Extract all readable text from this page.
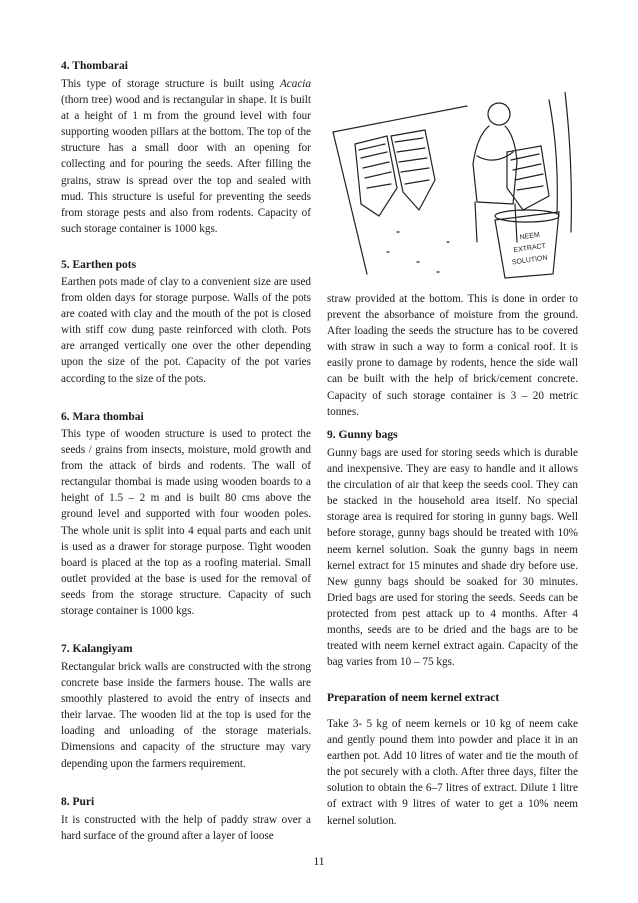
4. Thombarai

This type of storage structure is built using Acacia (thorn tree) wood and is rectangular in shape. It is built at a height of 1 m from the ground level with four supporting wooden pillars at the bottom. The top of the structure has a small door with an opening for collecting and for pouring the seeds. After filling the grains, straw is spread over the top and sealed with mud. This structure is useful for preventing the seeds from storage pests and also from rodents. Capacity of such storage container is 1000 kgs.

5. Earthen pots

Earthen pots made of clay to a convenient size are used from olden days for storage purpose. Walls of the pots are coated with clay and the mouth of the pot is closed with stiff cow dung paste reinforced with cloth. Pots are arranged vertically one over the other depending upon the size of the pot. Capacity of the pot varies according to the size of the pots.

6. Mara thombai

This type of wooden structure is used to protect the seeds / grains from insects, moisture, mold growth and from the attack of birds and rodents. The wall of rectangular thombai is made using wooden boards to a height of 1.5 – 2 m and is built 80 cms above the ground level and supported with four wooden poles. The whole unit is split into 4 equal parts and each unit is used as a drawer for storage purpose. Tight wooden board is placed at the top as a roofing material. Small outlet provided at the base is used for the removal of seeds from the storage structure. Capacity of such storage container is 1000 kgs.

7. Kalangiyam

Rectangular brick walls are constructed with the strong concrete base inside the farmers house. The walls are smoothly plastered to avoid the entry of insects and their larvae. The wooden lid at the top is used for the loading and unloading of the storage materials. Dimensions and capacity of the structure may vary depending upon the farmers requirement.

8. Puri

It is constructed with the help of paddy straw over a hard surface of the ground after a layer of loose

NEEM
EXTRACT
SOLUTION

straw provided at the bottom. This is done in order to prevent the absorbance of moisture from the ground. After loading the seeds the structure has to be covered with straw in such a way to form a conical roof. It is easily prone to damage by rodents, hence the side wall can be built with the help of brick/cement concrete. Capacity of such storage container is 3 – 20 metric tonnes.

9. Gunny bags

Gunny bags are used for storing seeds which is durable and inexpensive. They are easy to handle and it allows the circulation of air that keep the seeds cool. They can be stacked in the household area itself. No special storage area is required for storing in gunny bags. Well before storage, gunny bags should be treated with 10% neem kernel solution. Soak the gunny bags in neem kernel extract for 15 minutes and shade dry before use. New gunny bags should be soaked for 30 minutes. Dried bags are used for storing the seeds. Seeds can be protected from pest attack up to 4 months. After 4 months, seeds are to be dried and the bags are to be treated with neem kernel extract again. Capacity of the bag varies from 10 – 75 kgs.

Preparation of neem kernel extract

Take 3- 5 kg of neem kernels or 10 kg of neem cake and gently pound them into powder and place it in an earthen pot. Add 10 litres of water and tie the mouth of the pot securely with a cloth. After three days, filter the solution to obtain the 6–7 litres of extract. Dilute 1 litre of extract with 9 litres of water to get a 10% neem kernel solution.

11
